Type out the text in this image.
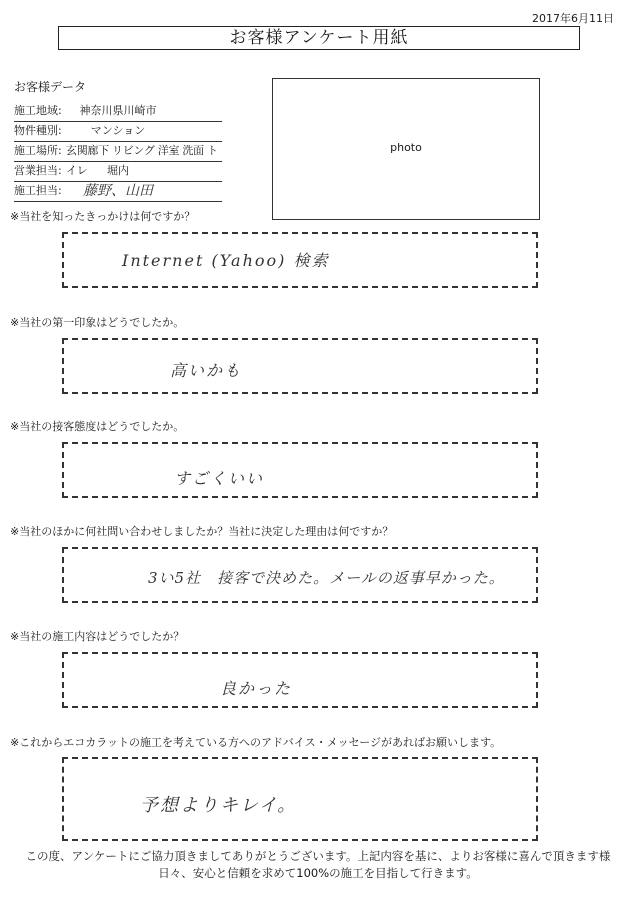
2017年6月11日
お客様アンケート用紙
お客様データ
施工地域:	神奈川県川崎市
物件種別:	マンション
施工場所: 玄関廊下 リビング 洋室 洗面 トイレ
営業担当:	堀内
施工担当:	藤野、山田
photo
※当社を知ったきっかけは何ですか？
Internet (Yahoo) 検索
※当社の第一印象はどうでしたか。
高いかも
※当社の接客態度はどうでしたか。
すごくいい
※当社のほかに何社問い合わせしましたか？当社に決定した理由は何ですか？
3い5社　接客で決めた。メールの返事早かった。
※当社の施工内容はどうでしたか？
良かった
※これからエコカラットの施工を考えている方へのアドバイス・メッセージがあればお願いします。
予想よりキレイ。
この度、アンケートにご協力頂きましてありがとうございます。上記内容を基に、よりお客様に喜んで頂きます様
日々、安心と信頼を求めて100%の施工を目指して行きます。
